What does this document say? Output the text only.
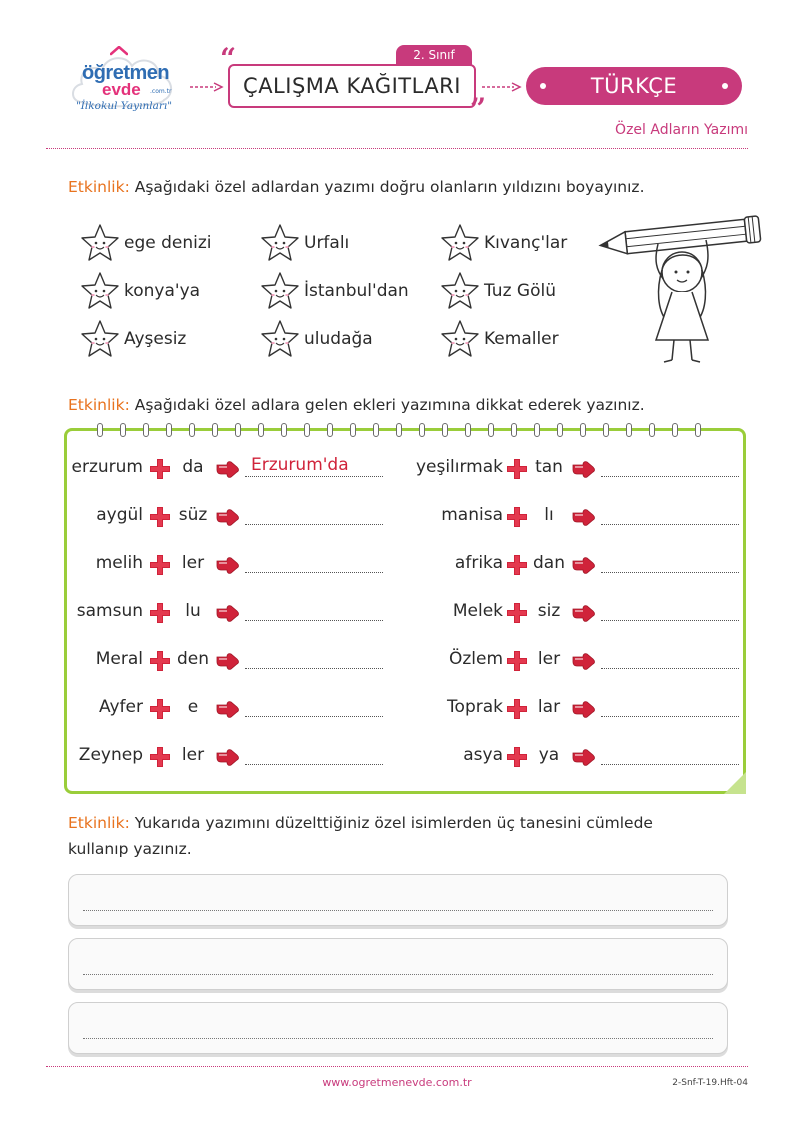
öğretmen
evde .com.tr
"İlkokul Yayınları"
2. Sınıf
ÇALIŞMA KAĞITLARI
“
”
TÜRKÇE
Özel Adların Yazımı
Etkinlik: Aşağıdaki özel adlardan yazımı doğru olanların yıldızını boyayınız.
ege denizi	Urfalı	Kıvanç'lar
konya'ya	İstanbul'dan	Tuz Gölü
Ayşesiz	uludağa	Kemaller
Etkinlik: Aşağıdaki özel adlara gelen ekleri yazımına dikkat ederek yazınız.
erzurum	da	Erzurum'da
aygül	süz
melih	ler
samsun	lu
Meral den
Ayfer	e
Zeynep	ler
yeşilırmak	tan
manisa	lı
afrika dan
Melek	siz
Özlem	ler
Toprak	lar
asya	ya
Etkinlik: Yukarıda yazımını düzelttiğiniz özel isimlerden üç tanesini cümlede
kullanıp yazınız.
www.ogretmenevde.com.tr	2-Snf-T-19.Hft-04
